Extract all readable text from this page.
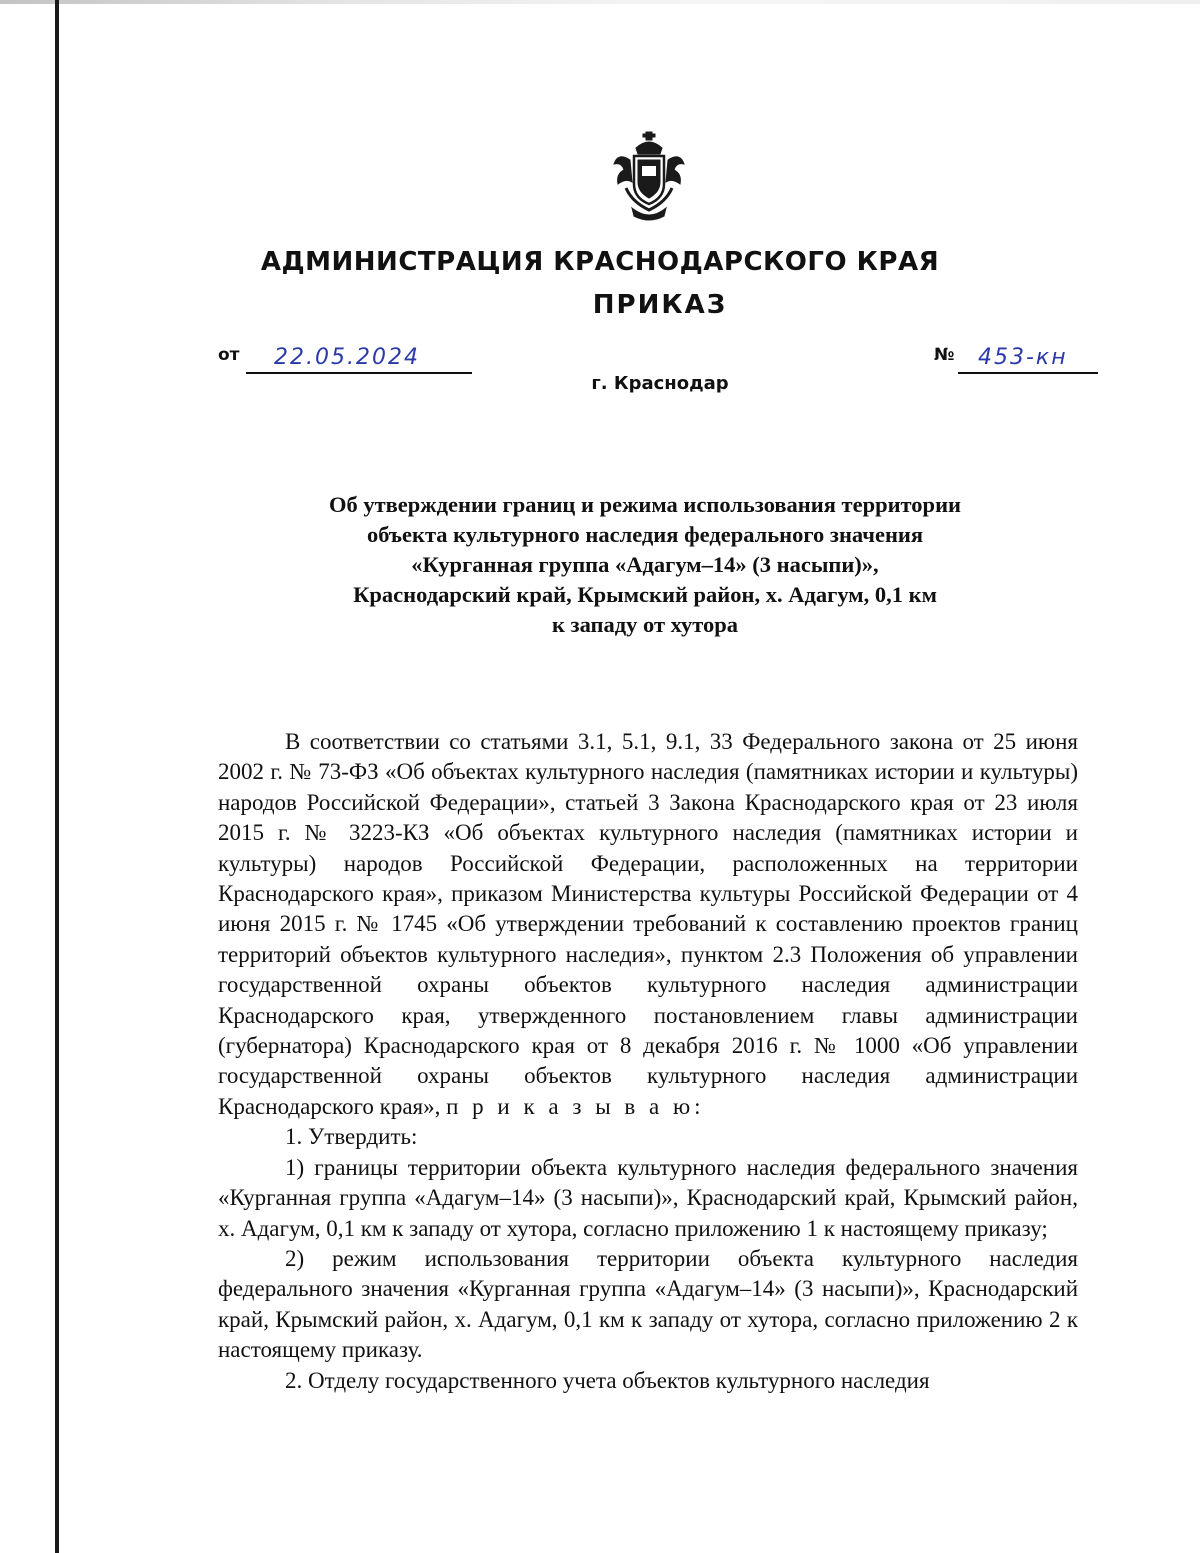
АДМИНИСТРАЦИЯ КРАСНОДАРСКОГО КРАЯ
ПРИКАЗ
от 22.05.2024	№ 453-кн
г. Краснодар
Об утверждении границ и режима использования территории
объекта культурного наследия федерального значения
«Курганная группа «Адагум–14» (3 насыпи)»,
Краснодарский край, Крымский район, х. Адагум, 0,1 км
к западу от хутора

В соответствии со статьями 3.1, 5.1, 9.1, 33 Федерального закона от 25 июня 2002 г. № 73-ФЗ «Об объектах культурного наследия (памятниках истории и культуры) народов Российской Федерации», статьей 3 Закона Краснодарского края от 23 июля 2015 г. № 3223-КЗ «Об объектах культурного наследия (памятниках истории и культуры) народов Российской Федерации, расположенных на территории Краснодарского края», приказом Министерства культуры Российской Федерации от 4 июня 2015 г. № 1745 «Об утверждении требований к составлению проектов границ территорий объектов культурного наследия», пунктом 2.3 Положения об управлении государственной охраны объектов культурного наследия администрации Краснодарского края, утвержденного постановлением главы администрации (губернатора) Краснодарского края от 8 декабря 2016 г. № 1000 «Об управлении государственной охраны объектов культурного наследия администрации Краснодарского края», п р и к а з ы в а ю:

1. Утвердить:

1) границы территории объекта культурного наследия федерального значения «Курганная группа «Адагум–14» (3 насыпи)», Краснодарский край, Крымский район, х. Адагум, 0,1 км к западу от хутора, согласно приложению 1 к настоящему приказу;

2) режим использования территории объекта культурного наследия федерального значения «Курганная группа «Адагум–14» (3 насыпи)», Краснодарский край, Крымский район, х. Адагум, 0,1 км к западу от хутора, согласно приложению 2 к настоящему приказу.

2. Отделу государственного учета объектов культурного наследия
